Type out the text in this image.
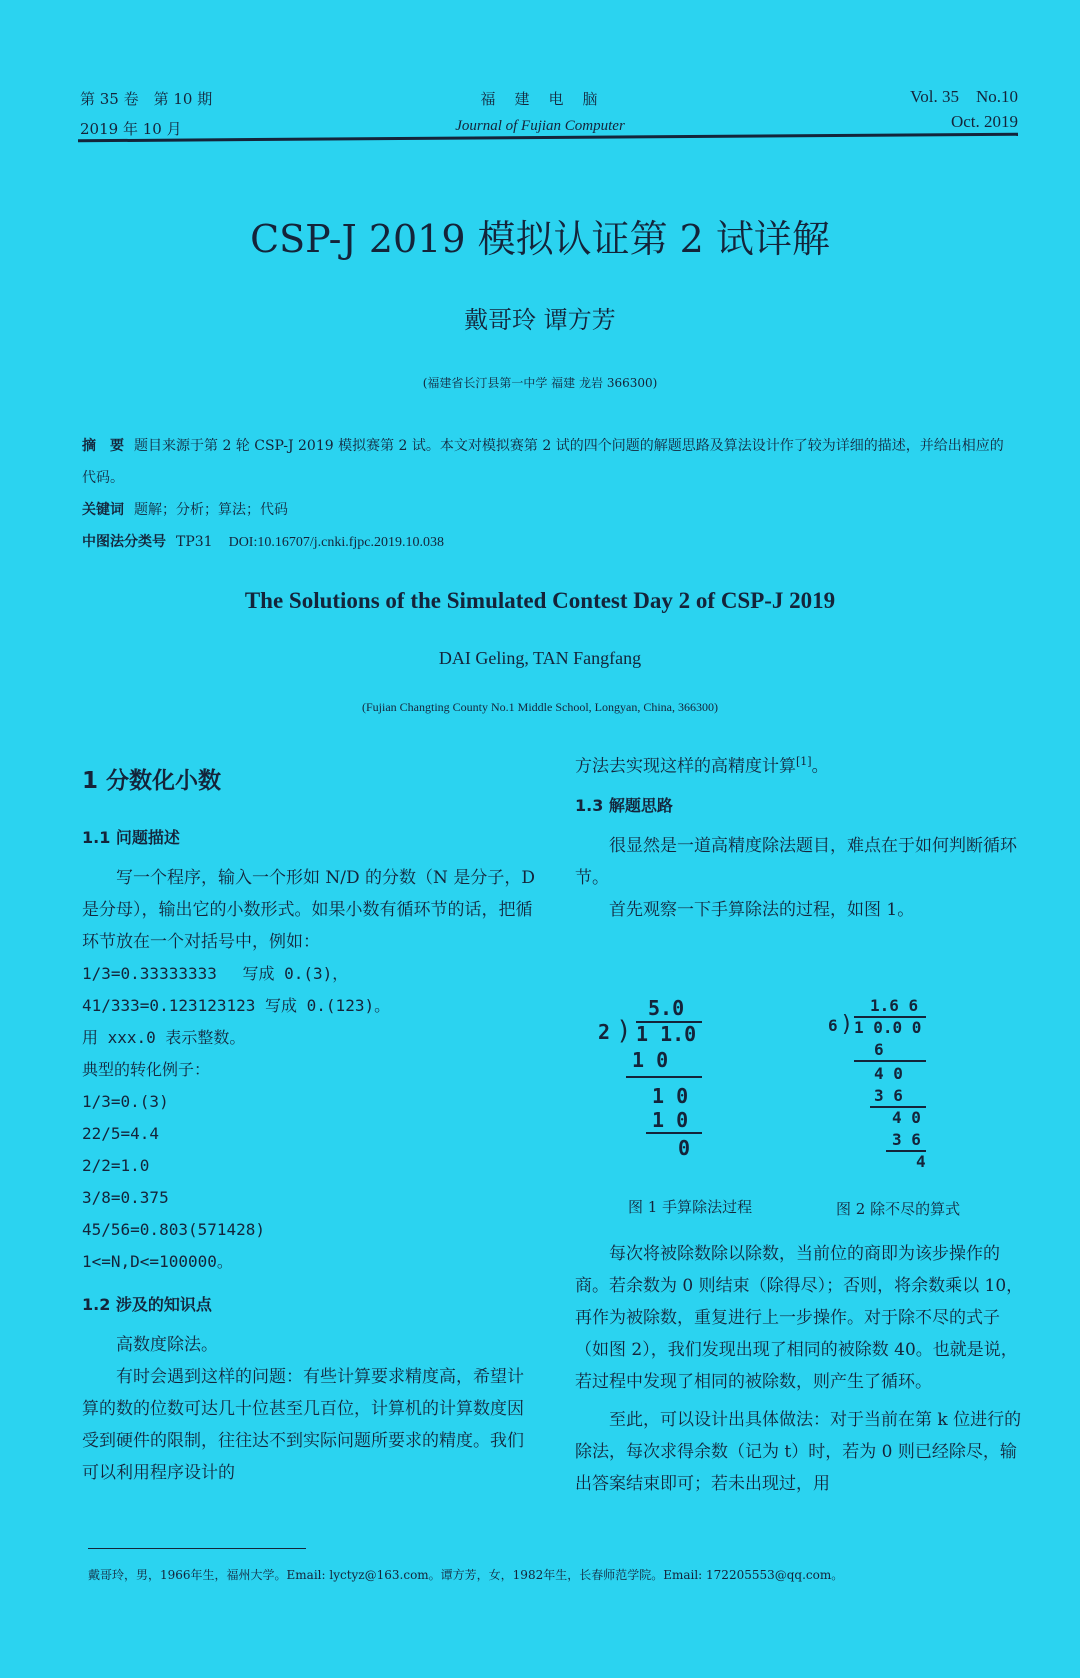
第 35 卷　第 10 期
2019 年 10 月
福　建　电　脑
Journal of Fujian Computer
Vol. 35　No.10
Oct. 2019
CSP-J 2019 模拟认证第 2 试详解
戴哥玲 谭方芳
(福建省长汀县第一中学 福建 龙岩 366300)
摘　要 题目来源于第 2 轮 CSP-J 2019 模拟赛第 2 试。本文对模拟赛第 2 试的四个问题的解题思路及算法设计作了较为详细的描述，并给出相应的代码。
关键词 题解；分析；算法；代码
中图法分类号 TP31 DOI:10.16707/j.cnki.fjpc.2019.10.038
The Solutions of the Simulated Contest Day 2 of CSP-J 2019
DAI Geling, TAN Fangfang
(Fujian Changting County No.1 Middle School, Longyan, China, 366300)
1 分数化小数
1.1 问题描述

写一个程序，输入一个形如 N/D 的分数（N 是分子，D 是分母），输出它的小数形式。如果小数有循环节的话，把循环节放在一个对括号中，例如：

1/3=0.33333333　 写成 0.(3)，

41/333=0.123123123 写成 0.(123)。

用 xxx.0 表示整数。

典型的转化例子：

1/3=0.(3)

22/5=4.4

2/2=1.0

3/8=0.375

45/56=0.803(571428)

1<=N,D<=100000。

1.2 涉及的知识点

高数度除法。

有时会遇到这样的问题：有些计算要求精度高，希望计算的数的位数可达几十位甚至几百位，计算机的计算数度因受到硬件的限制，往往达不到实际问题所要求的精度。我们可以利用程序设计的

方法去实现这样的高精度计算[1]。

1.3 解题思路

很显然是一道高精度除法题目，难点在于如何判断循环节。

首先观察一下手算除法的过程，如图 1。

5.0
2 ) 1 1.0
1 0
1 0
1 0
0
1.6 6
6 ) 1 0.0 0
6
4 0
3 6
4 0
3 6
4
图 1 手算除法过程	图 2 除不尽的算式

每次将被除数除以除数，当前位的商即为该步操作的商。若余数为 0 则结束（除得尽）；否则，将余数乘以 10，再作为被除数，重复进行上一步操作。对于除不尽的式子（如图 2），我们发现出现了相同的被除数 40。也就是说，若过程中发现了相同的被除数，则产生了循环。

至此，可以设计出具体做法：对于当前在第 k 位进行的除法，每次求得余数（记为 t）时，若为 0 则已经除尽，输出答案结束即可；若未出现过，用

戴哥玲，男，1966年生，福州大学。Email: lyctyz@163.com。谭方芳，女，1982年生，长春师范学院。Email: 172205553@qq.com。
